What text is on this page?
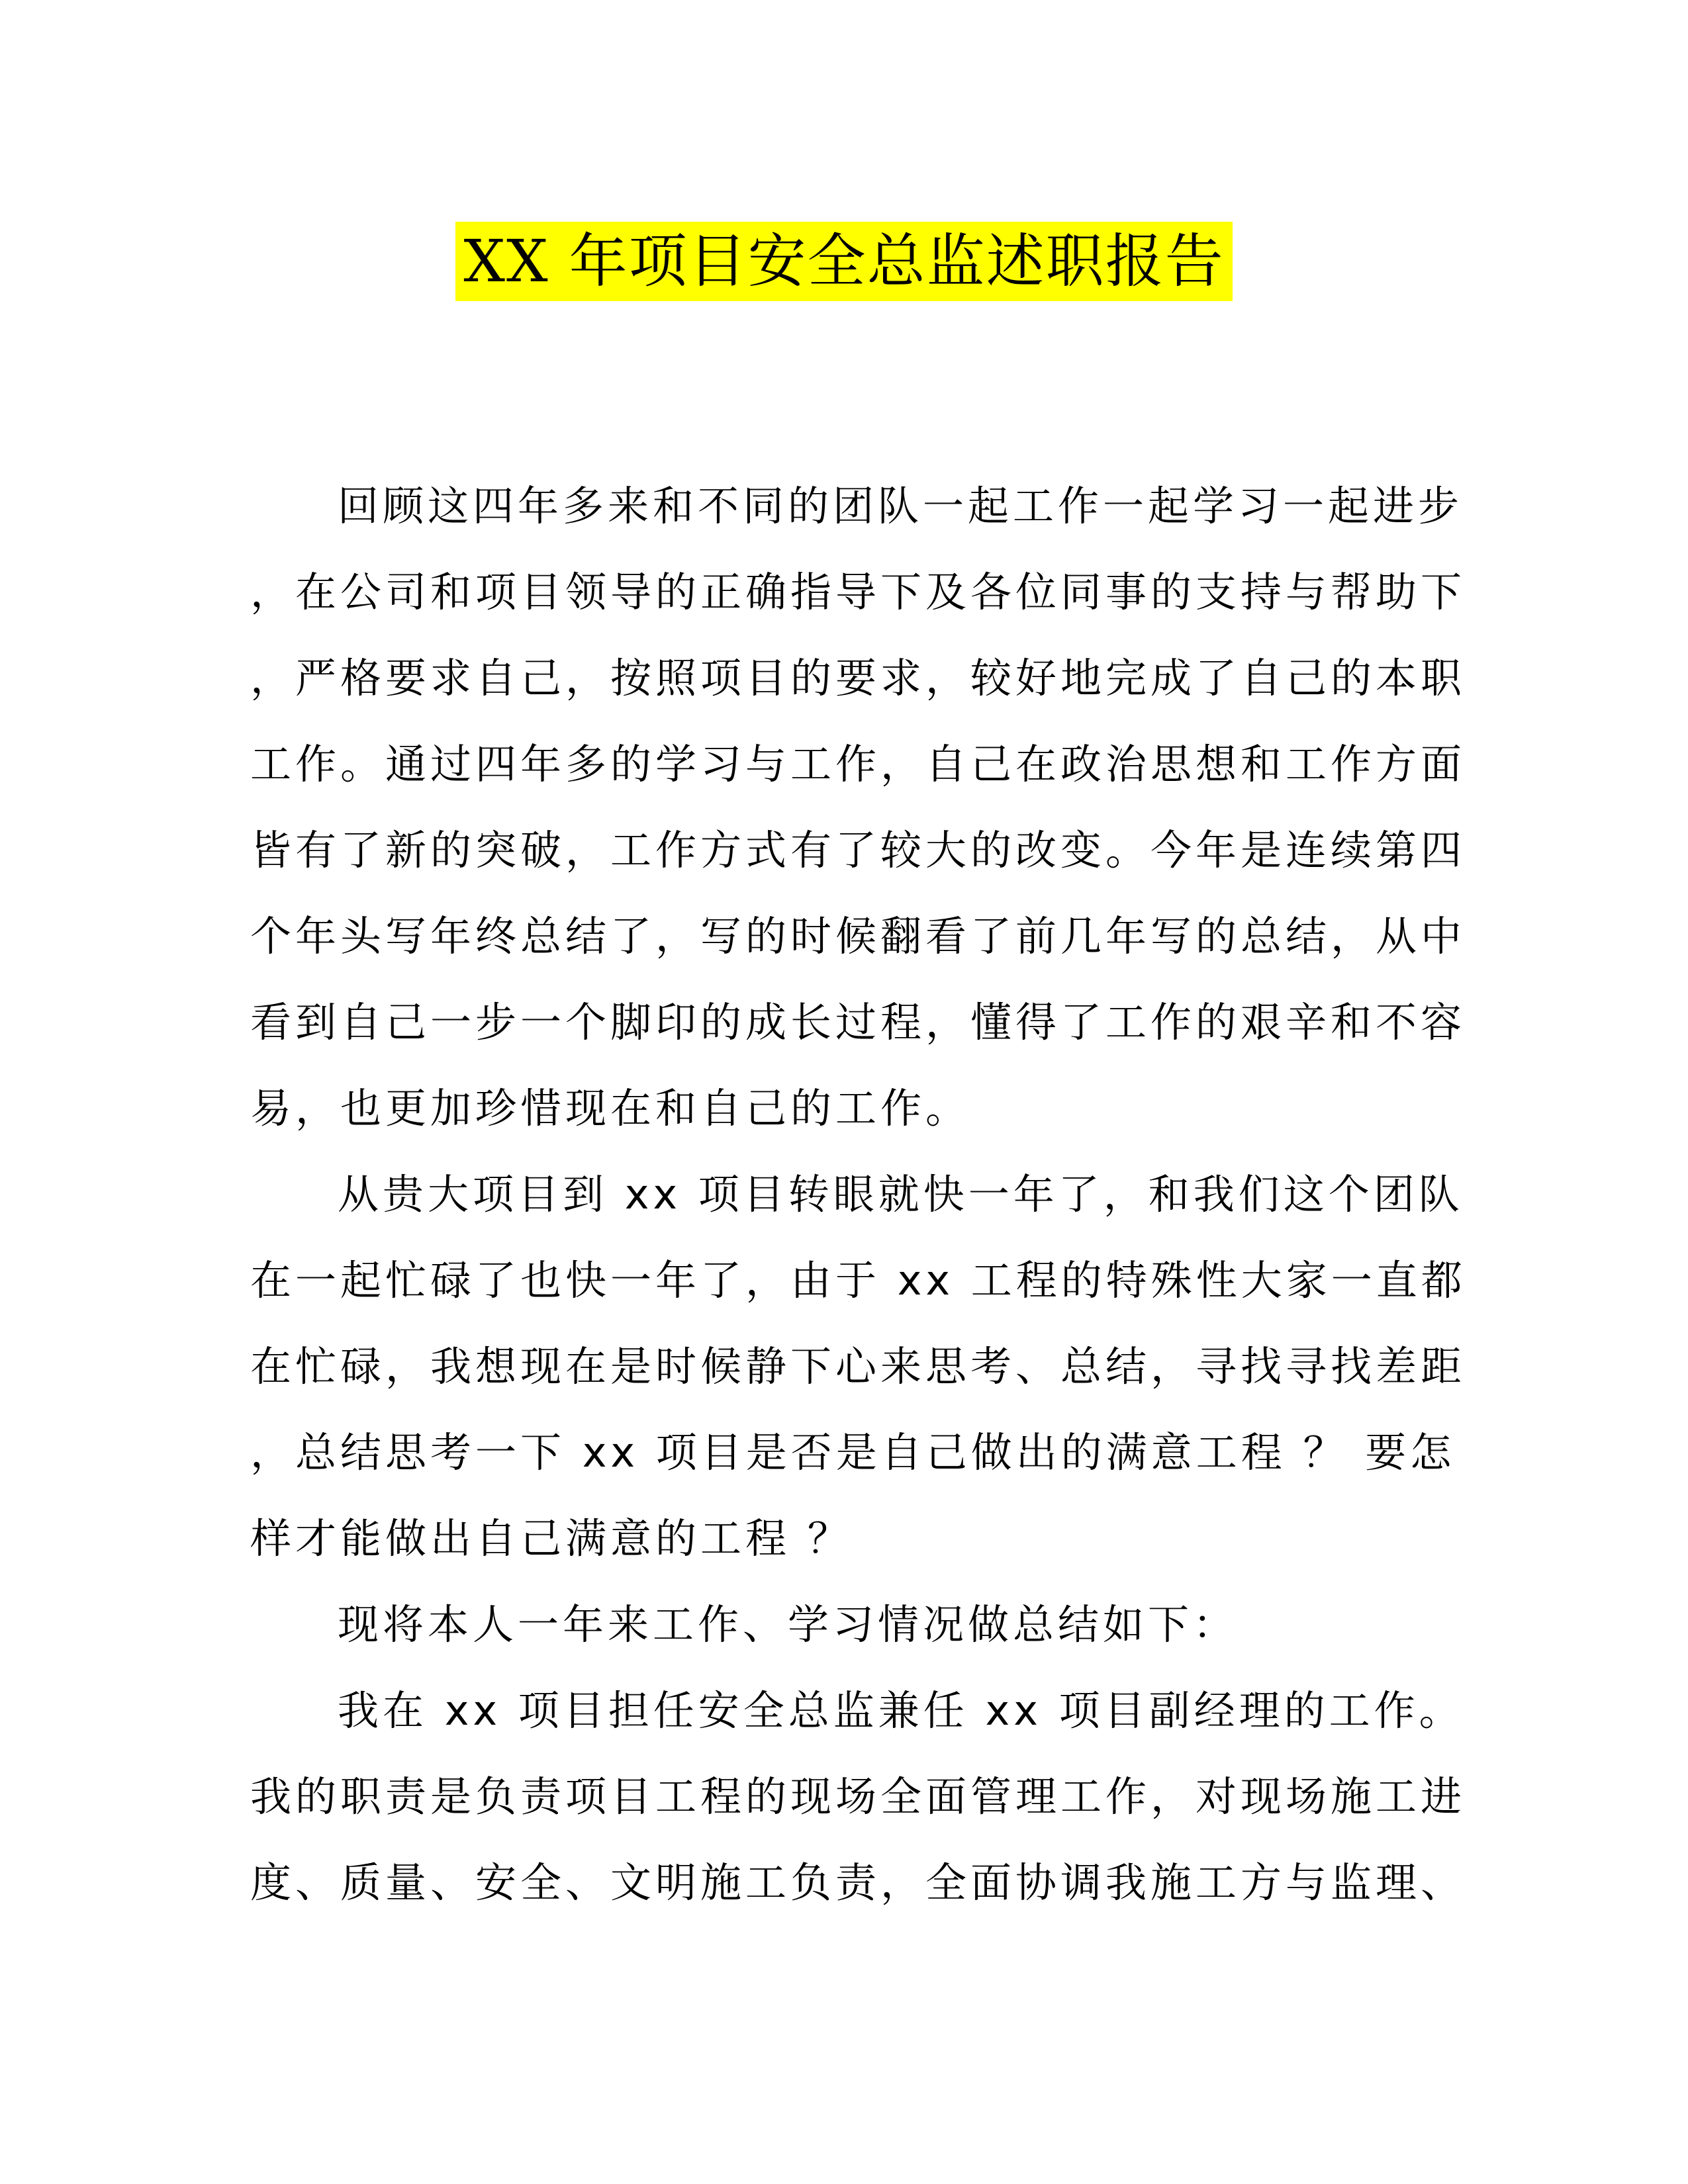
XX 年项目安全总监述职报告
回顾这四年多来和不同的团队一起工作一起学习一起进步
，在公司和项目领导的正确指导下及各位同事的支持与帮助下
，严格要求自己，按照项目的要求，较好地完成了自己的本职
工作。通过四年多的学习与工作，自己在政治思想和工作方面
皆有了新的突破，工作方式有了较大的改变。今年是连续第四
个年头写年终总结了，写的时候翻看了前几年写的总结，从中
看到自己一步一个脚印的成长过程，懂得了工作的艰辛和不容
易，也更加珍惜现在和自己的工作。
从贵大项目到 xx 项目转眼就快一年了，和我们这个团队
在一起忙碌了也快一年了，由于 xx 工程的特殊性大家一直都
在忙碌，我想现在是时候静下心来思考、总结，寻找寻找差距
，总结思考一下 xx 项目是否是自己做出的满意工程 ？ 要怎
样才能做出自己满意的工程 ？
现将本人一年来工作、学习情况做总结如下：
我在 xx 项目担任安全总监兼任 xx 项目副经理的工作。
我的职责是负责项目工程的现场全面管理工作，对现场施工进
度、质量、安全、文明施工负责，全面协调我施工方与监理、
